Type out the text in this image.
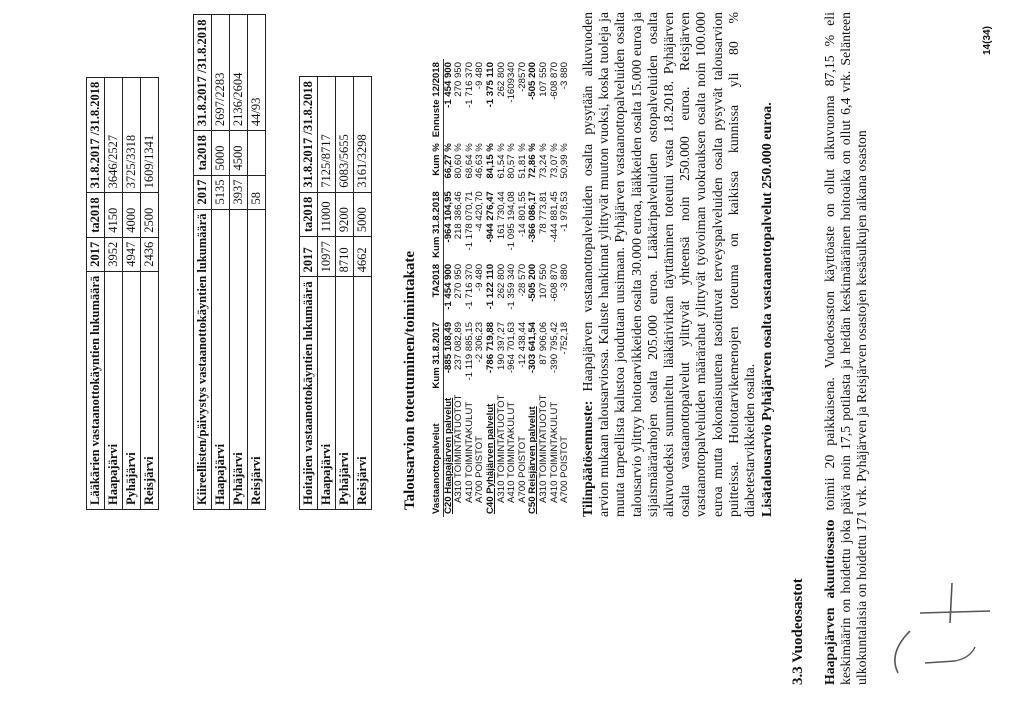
Lääkärien vastaanottokäyntien lukumäärä	2017	ta2018	31.8.2017 /31.8.2018
Haapajärvi	3952	4150	3646/2527
Pyhäjärvi	4947	4000	3725/3318
Reisjärvi	2436	2500	1609/1341
Kiireellisten/päivystys vastaanottokäyntien lukumäärä	2017	ta2018	31.8.2017 /31.8.2018
Haapajärvi	5135	5000	2697/2283
Pyhäjärvi	3937	4500	2136/2604
Reisjärvi	58		44/93
Hoitajien vastaanottokäyntien lukumäärä	2017	ta2018	31.8.2017 /31.8.2018
Haapajärvi	10977	11000	7125/8717
Pyhäjärvi	8710	9200	6083/5655
Reisjärvi	4662	5000	3161/3298
Talousarvion toteutuminen/toimintakate Vastaanottopalvelut	Kum 31.8.2017	TA2018	Kum 31.8.2018	Kum %	Ennuste 12/2018
C20 Haapajärven palvelut	-885 108,49	-1 454 900	-964 104,95	66,27 %	-1 454 900
A310 TOIMINTATUOTOT	237 082,89	270 950	218 386,46	80,60 %	270 950
A410 TOIMINTAKULUT	-1 119 885,15	-1 716 370	-1 178 070,71	68,64 %	-1 716 370
A700 POISTOT	-2 306,23	-9 480	-4 420,70	46,63 %	-9 480
C40 Pyhäjärven palvelut	-786 719,88	-1 122 110	-944 276,47	84,15 %	-1 375 110
A310 TOIMINTATUOTOT	190 397,27	262 800	161 730,44	61,54 %	262 800
A410 TOIMINTAKULUT	-964 701,63	-1 359 340	-1 095 194,08	80,57 %	-1609340
A700 POISTOT	-12 438,44	-28 570	-14 801,55	51,81 %	-28570
C50 Reisjärven palvelut	-303 641,54	-505 200	-366 086,17	72,86 %	-505 200
A310 TOIMINTATUOTOT	87 906,06	107 550	78 773,81	73,24 %	107 550
A410 TOIMINTAKULUT	-390 795,42	-608 870	-444 881,45	73,07 %	-608 870
A700 POISTOT	-752,18	-3 880	-1 978,53	50,99 %	-3 880
Tilinpäätösennuste: Haapajärven vastaanottopalveluiden osalta pysytään alkuvuoden arvion mukaan talousarviossa. Kaluste hankinnat ylittyvät muuton vuoksi, koska tuoleja ja muuta tarpeellista kalustoa joudutaan uusimaan. Pyhäjärven vastaanottopalveluiden osalta talousarvio ylittyy hoitotarvikkeiden osalta 30.000 euroa, lääkkeiden osalta 15.000 euroa ja sijaismäärärahojen osalta 205.000 euroa. Lääkäripalveluiden ostopalveluiden osalta alkuvuodeksi suunniteltu lääkärivirkan täyttäminen toteutui vasta 1.8.2018. Pyhäjärven osalta vastaanottopalvelut ylittyvät yhteensä noin 250.000 euroa. Reisjärven vastaanottopalveluiden määrärahat ylittyvät työvoiman vuokrauksen osalta noin 100.000 euroa mutta kokonaisuutena tasoittuvat terveyspalveluiden osalta pysyvät talousarvion puitteissa. Hoitotarvikemenojen toteuma on kaikissa kunnissa yli 80 % diabetestarvikkeiden osalta. Lisätalousarvio Pyhäjärven osalta vastaanottopalvelut 250.000 euroa.
3.3 Vuodeosastot Haapajärven akuuttiosasto toimii 20 paikkaisena. Vuodeosaston käyttöaste on ollut alkuvuonna 87,15 % eli keskimäärin on hoidettu joka päivä noin 17,5 potilasta ja heidän keskimääräinen hoitoaika on ollut 6,4 vrk. Selänteen ulkokuntalaisia on hoidettu 171 vrk. Pyhäjärven ja Reisjärven osastojen kesäsulkujen aikana osaston
14(34)
